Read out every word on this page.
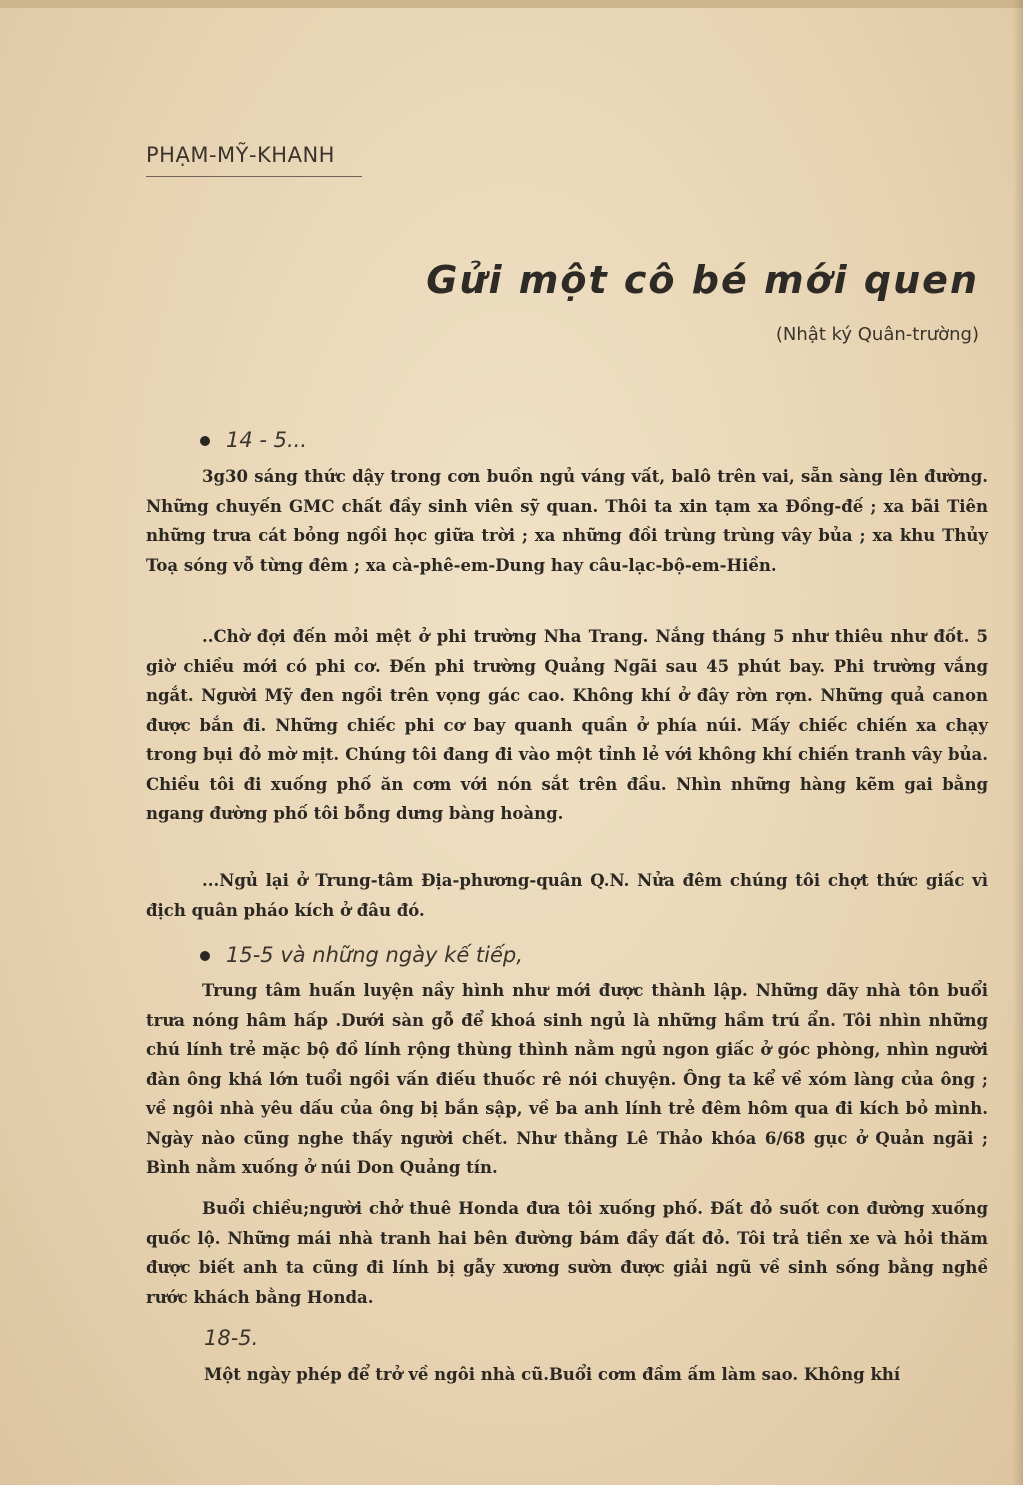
PHẠM-MỸ-KHANH
Gửi một cô bé mới quen
(Nhật ký Quân-trường)
14 - 5...

3g30 sáng thức dậy trong cơn buồn ngủ váng vất, balô trên vai, sẵn sàng lên đường. Những chuyến GMC chất đầy sinh viên sỹ quan. Thôi ta xin tạm xa Đồng-đế ; xa bãi Tiên những trưa cát bỏng ngồi học giữa trời ; xa những đồi trùng trùng vây bủa ; xa khu Thủy Toạ sóng vỗ từng đêm ; xa cà-phê-em-Dung hay câu-lạc-bộ-em-Hiền.

..Chờ đợi đến mỏi mệt ở phi trường Nha Trang. Nắng tháng 5 như thiêu như đốt. 5 giờ chiều mới có phi cơ. Đến phi trường Quảng Ngãi sau 45 phút bay. Phi trường vắng ngắt. Người Mỹ đen ngồi trên vọng gác cao. Không khí ở đây rờn rợn. Những quả canon được bắn đi. Những chiếc phi cơ bay quanh quần ở phía núi. Mấy chiếc chiến xa chạy trong bụi đỏ mờ mịt. Chúng tôi đang đi vào một tỉnh lẻ với không khí chiến tranh vây bủa. Chiều tôi đi xuống phố ăn cơm với nón sắt trên đầu. Nhìn những hàng kẽm gai bằng ngang đường phố tôi bỗng dưng bàng hoàng.

...Ngủ lại ở Trung-tâm Địa-phương-quân Q.N. Nửa đêm chúng tôi chợt thức giấc vì địch quân pháo kích ở đâu đó.

15-5 và những ngày kế tiếp,

Trung tâm huấn luyện nầy hình như mới được thành lập. Những dãy nhà tôn buổi trưa nóng hâm hấp .Dưới sàn gỗ để khoá sinh ngủ là những hầm trú ẩn. Tôi nhìn những chú lính trẻ mặc bộ đồ lính rộng thùng thình nằm ngủ ngon giấc ở góc phòng, nhìn người đàn ông khá lớn tuổi ngồi vấn điếu thuốc rê nói chuyện. Ông ta kể về xóm làng của ông ; về ngôi nhà yêu dấu của ông bị bắn sập, về ba anh lính trẻ đêm hôm qua đi kích bỏ mình. Ngày nào cũng nghe thấy người chết. Như thằng Lê Thảo khóa 6/68 gục ở Quản ngãi ; Bình nằm xuống ở núi Don Quảng tín.

Buổi chiều;người chở thuê Honda đưa tôi xuống phố. Đất đỏ suốt con đường xuống quốc lộ. Những mái nhà tranh hai bên đường bám đầy đất đỏ. Tôi trả tiền xe và hỏi thăm được biết anh ta cũng đi lính bị gẫy xương sườn được giải ngũ về sinh sống bằng nghề rước khách bằng Honda.

18-5.

Một ngày phép để trở về ngôi nhà cũ.Buổi cơm đầm ấm làm sao. Không khí
